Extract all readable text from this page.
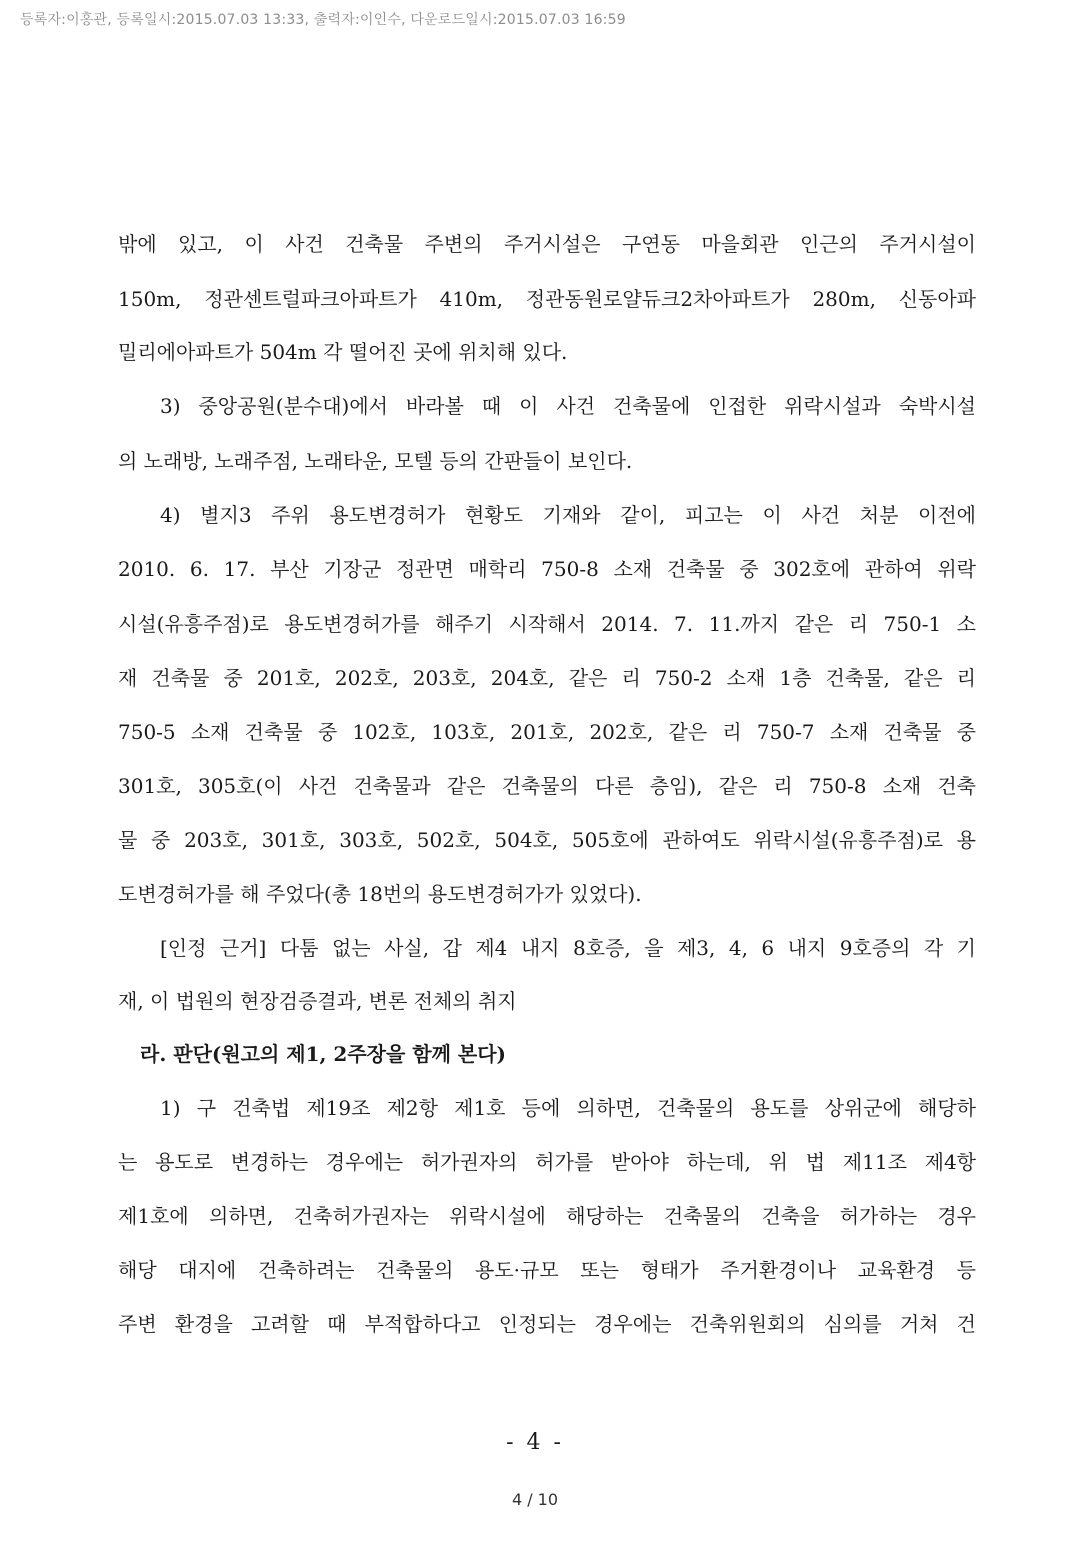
등록자:이홍관, 등록일시:2015.07.03 13:33, 출력자:이인수, 다운로드일시:2015.07.03 16:59
밖에 있고, 이 사건 건축물 주변의 주거시설은 구연동 마을회관 인근의 주거시설이
150m, 정관센트럴파크아파트가 410m, 정관동원로얄듀크2차아파트가 280m, 신동아파
밀리에아파트가 504m 각 떨어진 곳에 위치해 있다.
3) 중앙공원(분수대)에서 바라볼 때 이 사건 건축물에 인접한 위락시설과 숙박시설
의 노래방, 노래주점, 노래타운, 모텔 등의 간판들이 보인다.
4) 별지3 주위 용도변경허가 현황도 기재와 같이, 피고는 이 사건 처분 이전에
2010. 6. 17. 부산 기장군 정관면 매학리 750-8 소재 건축물 중 302호에 관하여 위락
시설(유흥주점)로 용도변경허가를 해주기 시작해서 2014. 7. 11.까지 같은 리 750-1 소
재 건축물 중 201호, 202호, 203호, 204호, 같은 리 750-2 소재 1층 건축물, 같은 리
750-5 소재 건축물 중 102호, 103호, 201호, 202호, 같은 리 750-7 소재 건축물 중
301호, 305호(이 사건 건축물과 같은 건축물의 다른 층임), 같은 리 750-8 소재 건축
물 중 203호, 301호, 303호, 502호, 504호, 505호에 관하여도 위락시설(유흥주점)로 용
도변경허가를 해 주었다(총 18번의 용도변경허가가 있었다).
[인정 근거] 다툼 없는 사실, 갑 제4 내지 8호증, 을 제3, 4, 6 내지 9호증의 각 기
재, 이 법원의 현장검증결과, 변론 전체의 취지
라. 판단(원고의 제1, 2주장을 함께 본다)
1) 구 건축법 제19조 제2항 제1호 등에 의하면, 건축물의 용도를 상위군에 해당하
는 용도로 변경하는 경우에는 허가권자의 허가를 받아야 하는데, 위 법 제11조 제4항
제1호에 의하면, 건축허가권자는 위락시설에 해당하는 건축물의 건축을 허가하는 경우
해당 대지에 건축하려는 건축물의 용도·규모 또는 형태가 주거환경이나 교육환경 등
주변 환경을 고려할 때 부적합하다고 인정되는 경우에는 건축위원회의 심의를 거쳐 건
- 4 -
4 / 10
